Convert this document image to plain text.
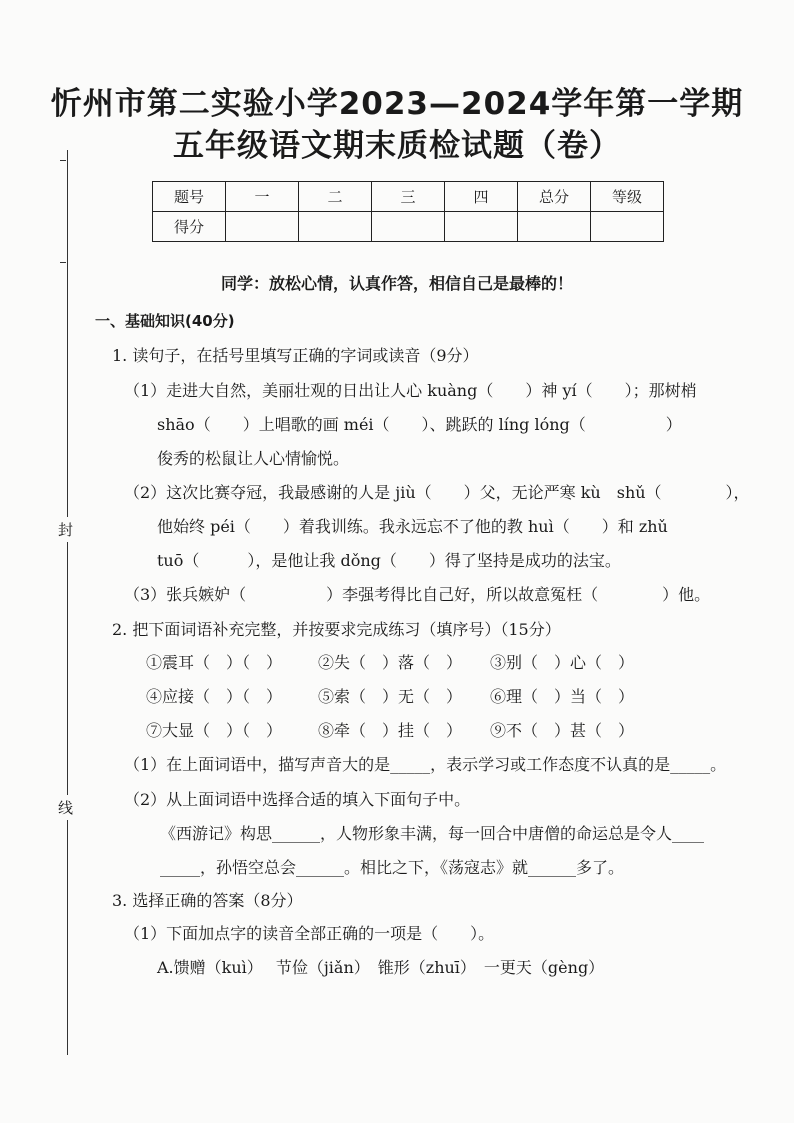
封
线
忻州市第二实验小学2023—2024学年第一学期
五年级语文期末质检试题（卷）
题号	一	二	三	四	总分	等级
得分						
同学：放松心情，认真作答，相信自己是最棒的！
一、基础知识(40分)
1. 读句子，在括号里填写正确的字词或读音（9分）
（1）走进大自然，美丽壮观的日出让人心 kuàng（　　）神 yí（　　）；那树梢
shāo（　　）上唱歌的画 méi（　　）、跳跃的 líng lóng（　　　　　）
俊秀的松鼠让人心情愉悦。
（2）这次比赛夺冠，我最感谢的人是 jiù（　　）父，无论严寒 kù　shǔ（　　　　），
他始终 péi（　　）着我训练。我永远忘不了他的教 huì（　　）和 zhǔ
tuō（　　　），是他让我 dǒng（　　）得了坚持是成功的法宝。
（3）张兵嫉妒（　　　　　）李强考得比自己好，所以故意冤枉（　　　　）他。
2. 把下面词语补充完整，并按要求完成练习（填序号）（15分）
①震耳（　）（　） ②失（　）落（　） ③别（　）心（　）
④应接（　）（　） ⑤索（　）无（　） ⑥理（　）当（　）
⑦大显（　）（　） ⑧牵（　）挂（　） ⑨不（　）甚（　）
（1）在上面词语中，描写声音大的是_____，表示学习或工作态度不认真的是_____。
（2）从上面词语中选择合适的填入下面句子中。
《西游记》构思______，人物形象丰满，每一回合中唐僧的命运总是令人____
_____，孙悟空总会______。相比之下，《荡寇志》就______多了。
3. 选择正确的答案（8分）
（1）下面加点字的读音全部正确的一项是（　　）。
A.馈赠（kuì）　 节俭（jiǎn）　锥形（zhuī）　一更天（gèng）
